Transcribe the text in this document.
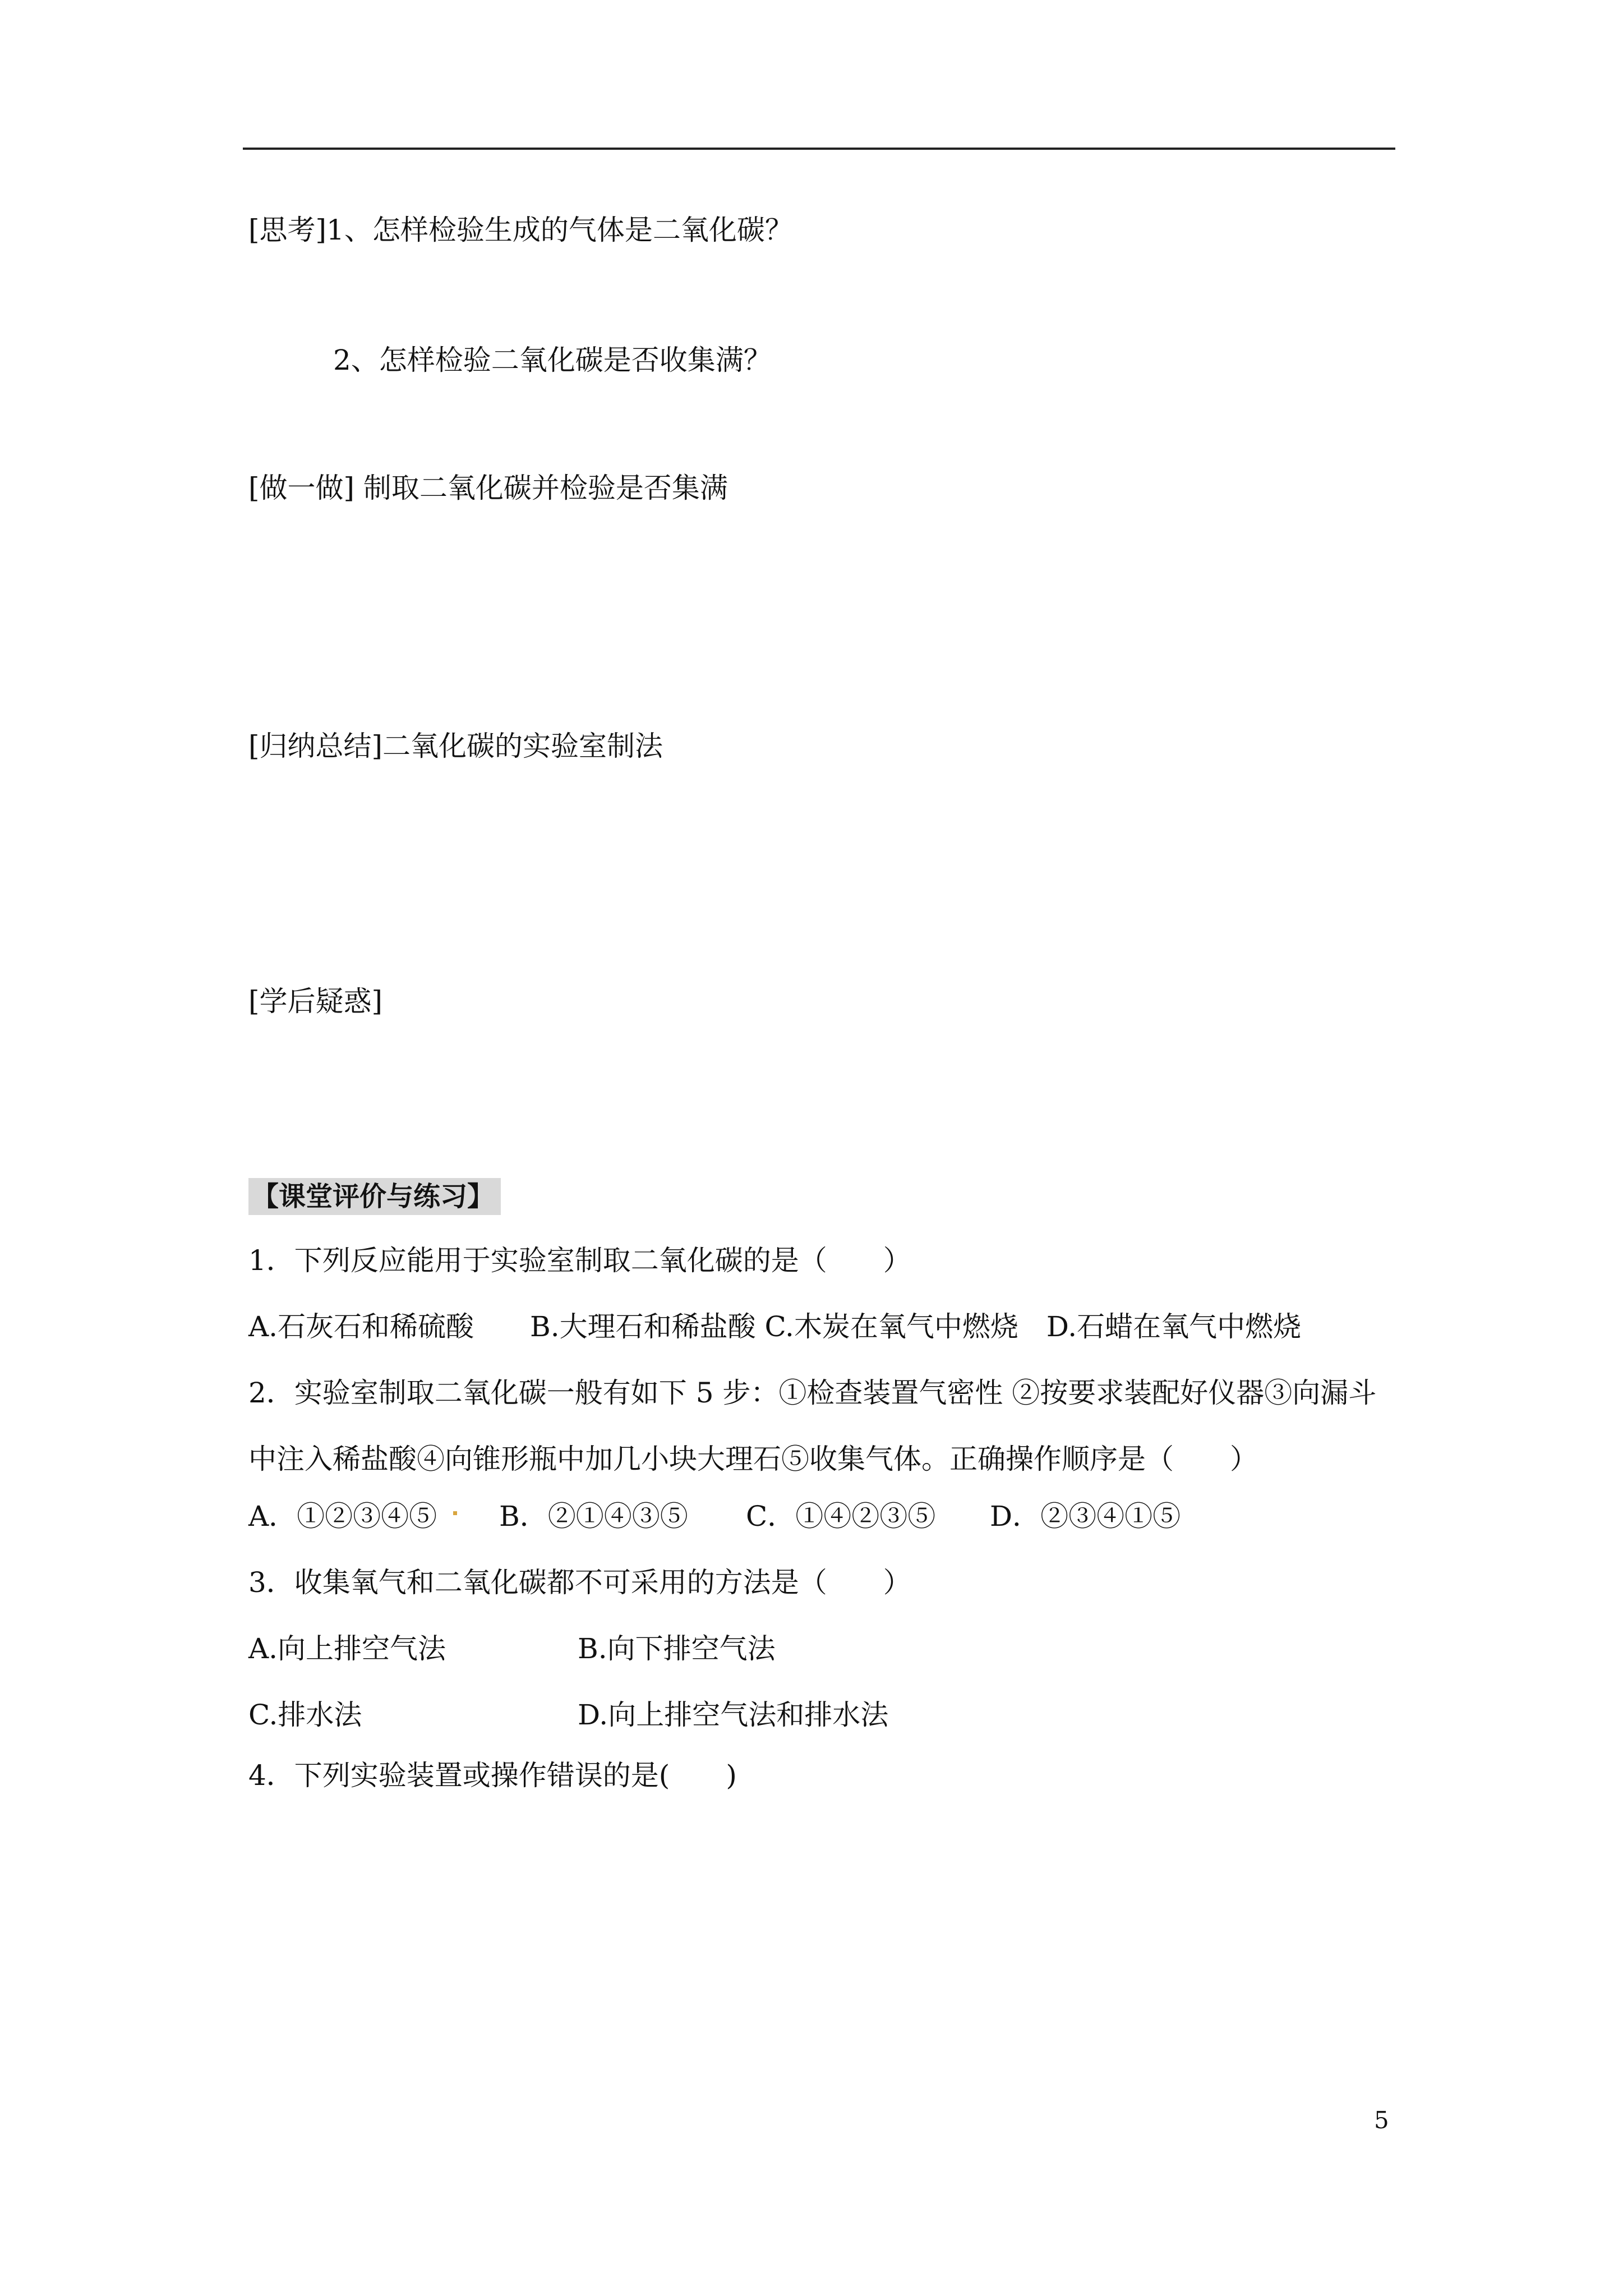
[思考]1、怎样检验生成的气体是二氧化碳？
2、怎样检验二氧化碳是否收集满？
[做一做] 制取二氧化碳并检验是否集满
[归纳总结]二氧化碳的实验室制法
[学后疑惑]
【课堂评价与练习】
1．下列反应能用于实验室制取二氧化碳的是（　　）
A.石灰石和稀硫酸　　B.大理石和稀盐酸 C.木炭在氧气中燃烧　D.石蜡在氧气中燃烧
2．实验室制取二氧化碳一般有如下 5 步：①检查装置气密性 ②按要求装配好仪器③向漏斗
中注入稀盐酸④向锥形瓶中加几小块大理石⑤收集气体。正确操作顺序是（　　）
A．①②③④⑤ B．②①④③⑤ C．①④②③⑤ D．②③④①⑤
3．收集氧气和二氧化碳都不可采用的方法是（　　）
A.向上排空气法	B.向下排空气法
C.排水法	D.向上排空气法和排水法
4．下列实验装置或操作错误的是(　　)
5
